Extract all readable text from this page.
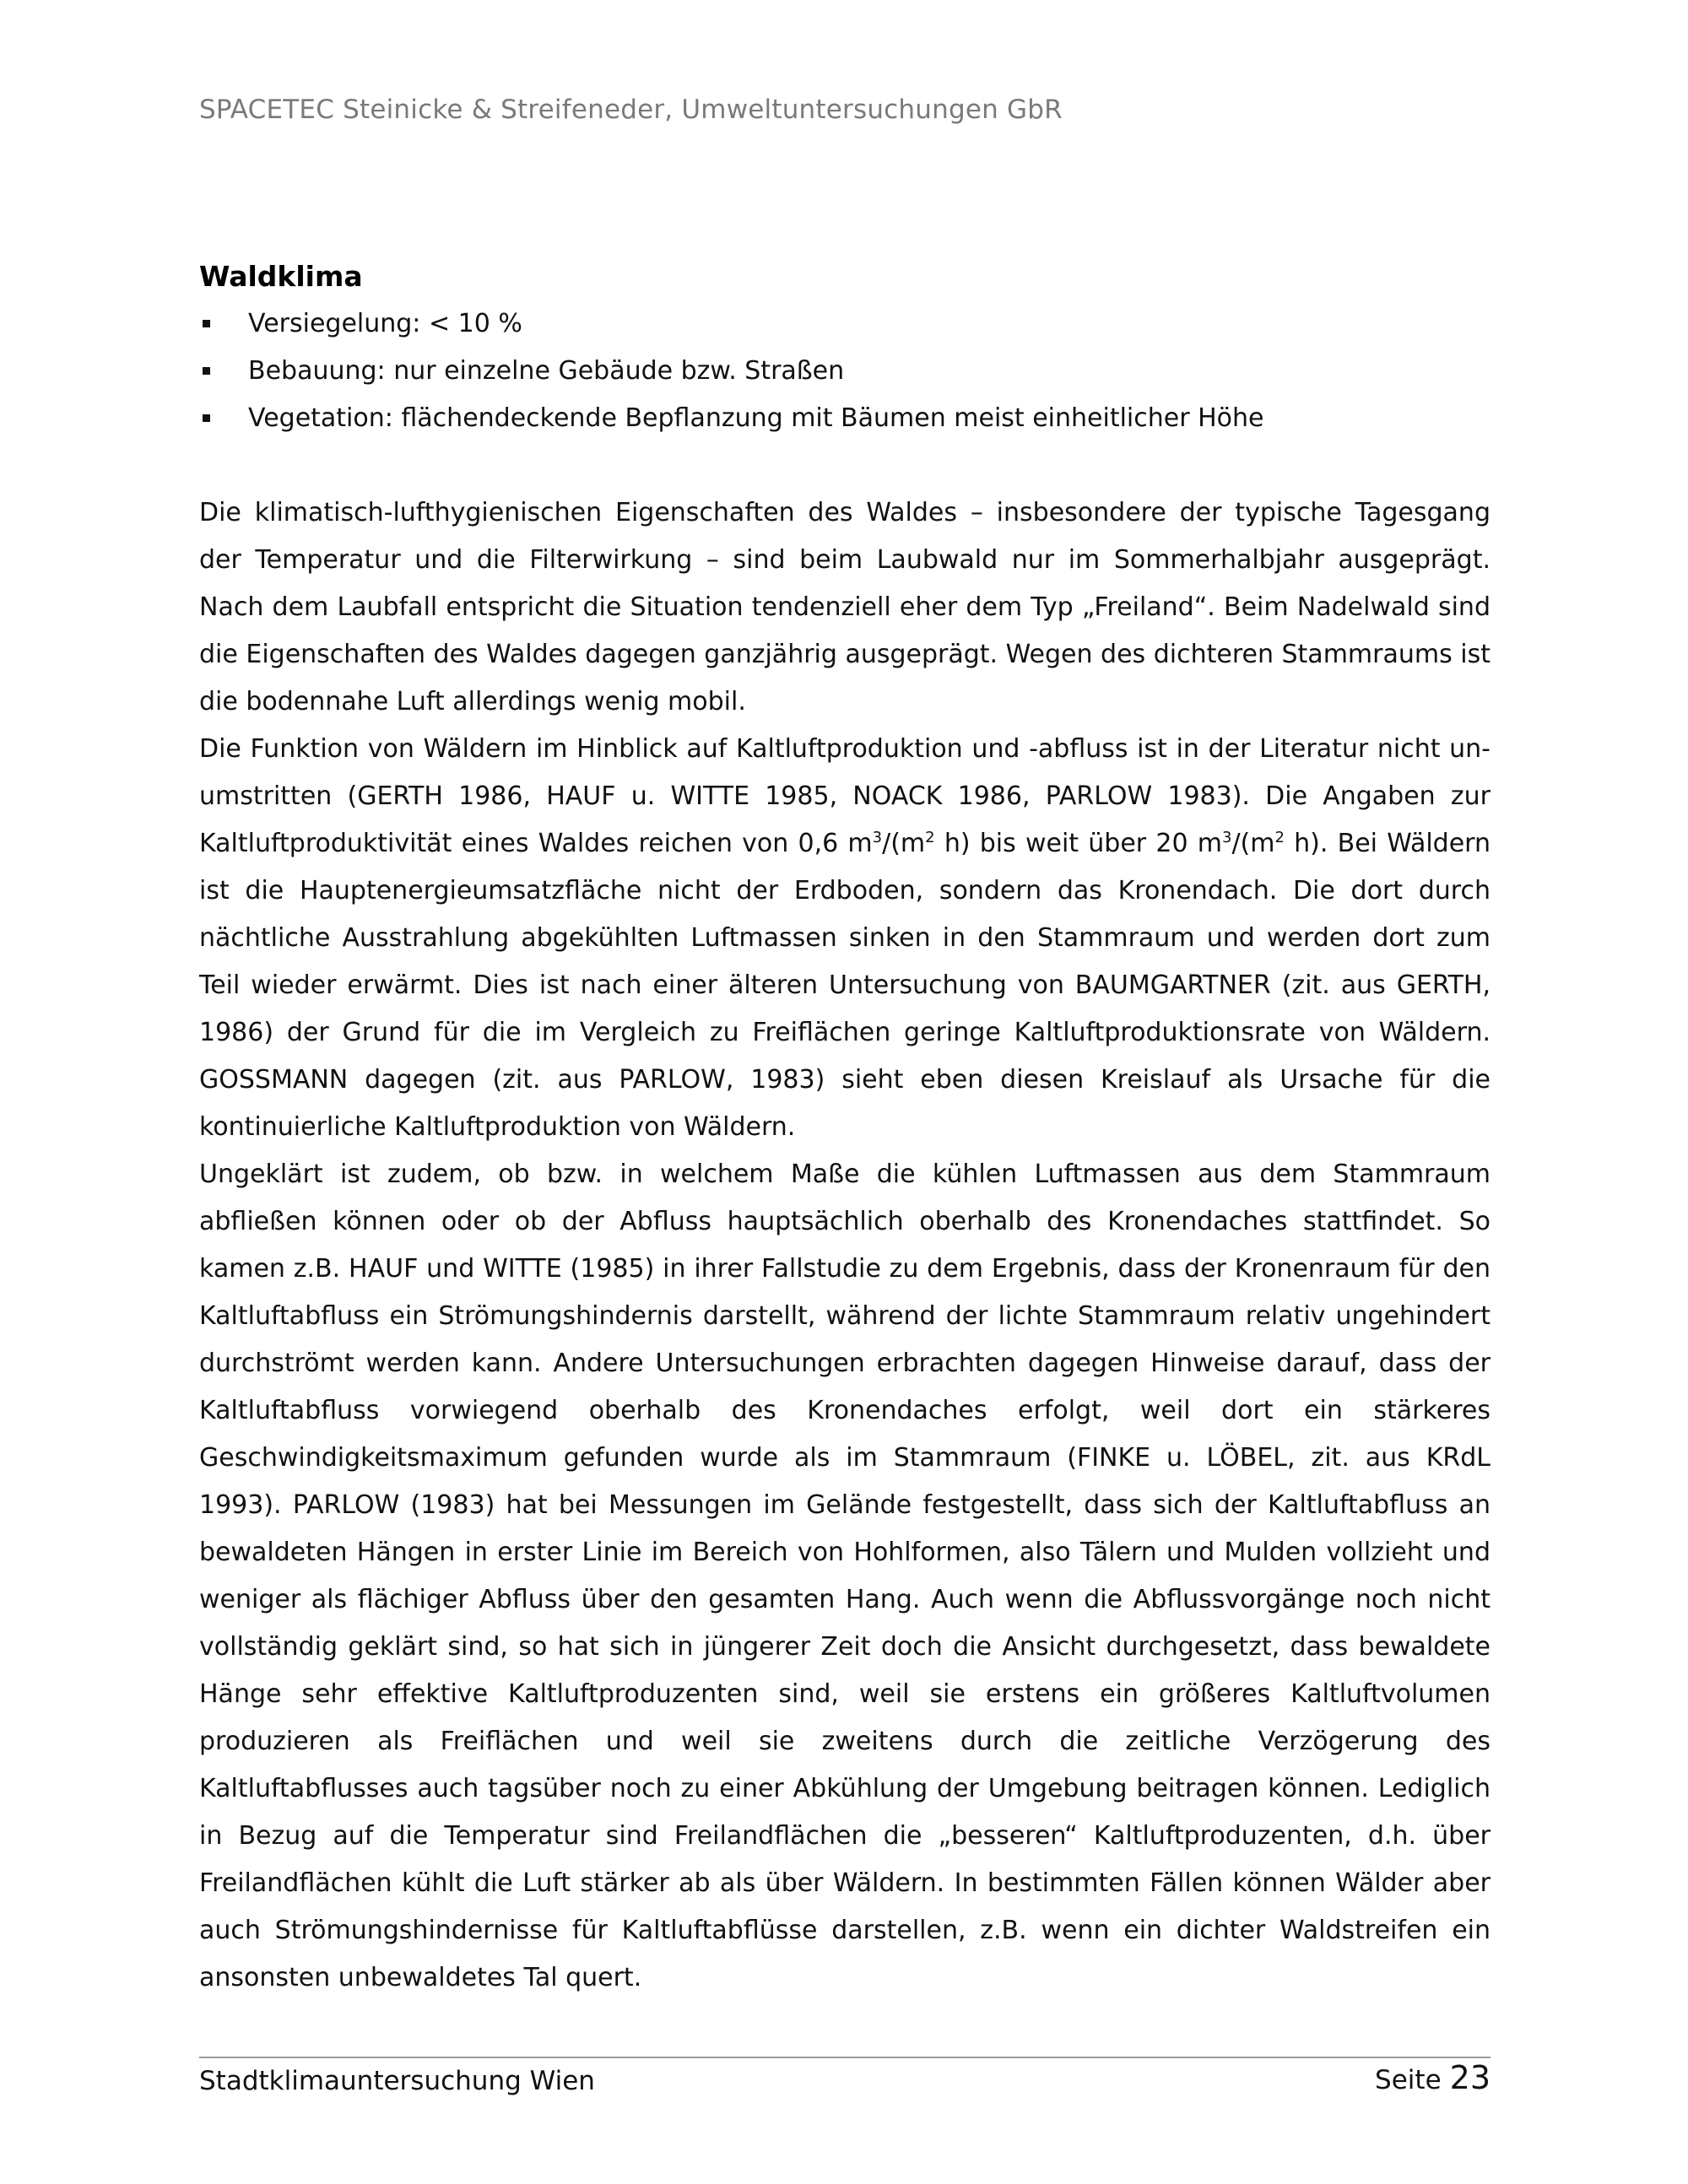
SPACETEC Steinicke & Streifeneder, Umweltuntersuchungen GbR
Waldklima
Versiegelung: < 10 %
Bebauung: nur einzelne Gebäude bzw. Straßen
Vegetation: flächendeckende Bepflanzung mit Bäumen meist einheitlicher Höhe

Die klimatisch-lufthygienischen Eigenschaften des Waldes – insbesondere der typische Tagesgang der Temperatur und die Filterwirkung – sind beim Laubwald nur im Sommerhalbjahr ausgeprägt. Nach dem Laubfall entspricht die Situation tendenziell eher dem Typ „Freiland“. Beim Nadelwald sind die Eigenschaften des Waldes dagegen ganzjährig ausgeprägt. Wegen des dichteren Stammraums ist die bodennahe Luft allerdings wenig mobil.

Die Funktion von Wäldern im Hinblick auf Kaltluftproduktion und -abfluss ist in der Literatur nicht unumstritten (GERTH 1986, HAUF u. WITTE 1985, NOACK 1986, PARLOW 1983). Die Angaben zur Kaltluftproduktivität eines Waldes reichen von 0,6 $m^3/(m^2$ h) bis weit über 20 $m^3/(m^2$ h). Bei Wäldern ist die Hauptenergieumsatzfläche nicht der Erdboden, sondern das Kronendach. Die dort durch nächtliche Ausstrahlung abgekühlten Luftmassen sinken in den Stammraum und werden dort zum Teil wieder erwärmt. Dies ist nach einer älteren Untersuchung von BAUMGARTNER (zit. aus GERTH, 1986) der Grund für die im Vergleich zu Freiflächen geringe Kaltluftproduktionsrate von Wäldern. GOSSMANN dagegen (zit. aus PARLOW, 1983) sieht eben diesen Kreislauf als Ursache für die kontinuierliche Kaltluftproduktion von Wäldern.

Ungeklärt ist zudem, ob bzw. in welchem Maße die kühlen Luftmassen aus dem Stammraum abfließen können oder ob der Abfluss hauptsächlich oberhalb des Kronendaches stattfindet. So kamen z.B. HAUF und WITTE (1985) in ihrer Fallstudie zu dem Ergebnis, dass der Kronenraum für den Kaltluftabfluss ein Strömungshindernis darstellt, während der lichte Stammraum relativ ungehindert durchströmt werden kann. Andere Untersuchungen erbrachten dagegen Hinweise darauf, dass der Kaltluftabfluss vorwiegend oberhalb des Kronendaches erfolgt, weil dort ein stärkeres Geschwindigkeitsmaximum gefunden wurde als im Stammraum (FINKE u. LÖBEL, zit. aus KRdL 1993). PARLOW (1983) hat bei Messungen im Gelände festgestellt, dass sich der Kaltluftabfluss an bewaldeten Hängen in erster Linie im Bereich von Hohlformen, also Tälern und Mulden vollzieht und weniger als flächiger Abfluss über den gesamten Hang. Auch wenn die Abflussvorgänge noch nicht vollständig geklärt sind, so hat sich in jüngerer Zeit doch die Ansicht durchgesetzt, dass bewaldete Hänge sehr effektive Kaltluftproduzenten sind, weil sie erstens ein größeres Kaltluftvolumen produzieren als Freiflächen und weil sie zweitens durch die zeitliche Verzögerung des Kaltluftabflusses auch tagsüber noch zu einer Abkühlung der Umgebung beitragen können. Lediglich in Bezug auf die Temperatur sind Freilandflächen die „besseren“ Kaltluftproduzenten, d.h. über Freilandflächen kühlt die Luft stärker ab als über Wäldern. In bestimmten Fällen können Wälder aber auch Strömungshindernisse für Kaltluftabflüsse darstellen, z.B. wenn ein dichter Waldstreifen ein ansonsten unbewaldetes Tal quert.

Stadtklimauntersuchung Wien	Seite 23
